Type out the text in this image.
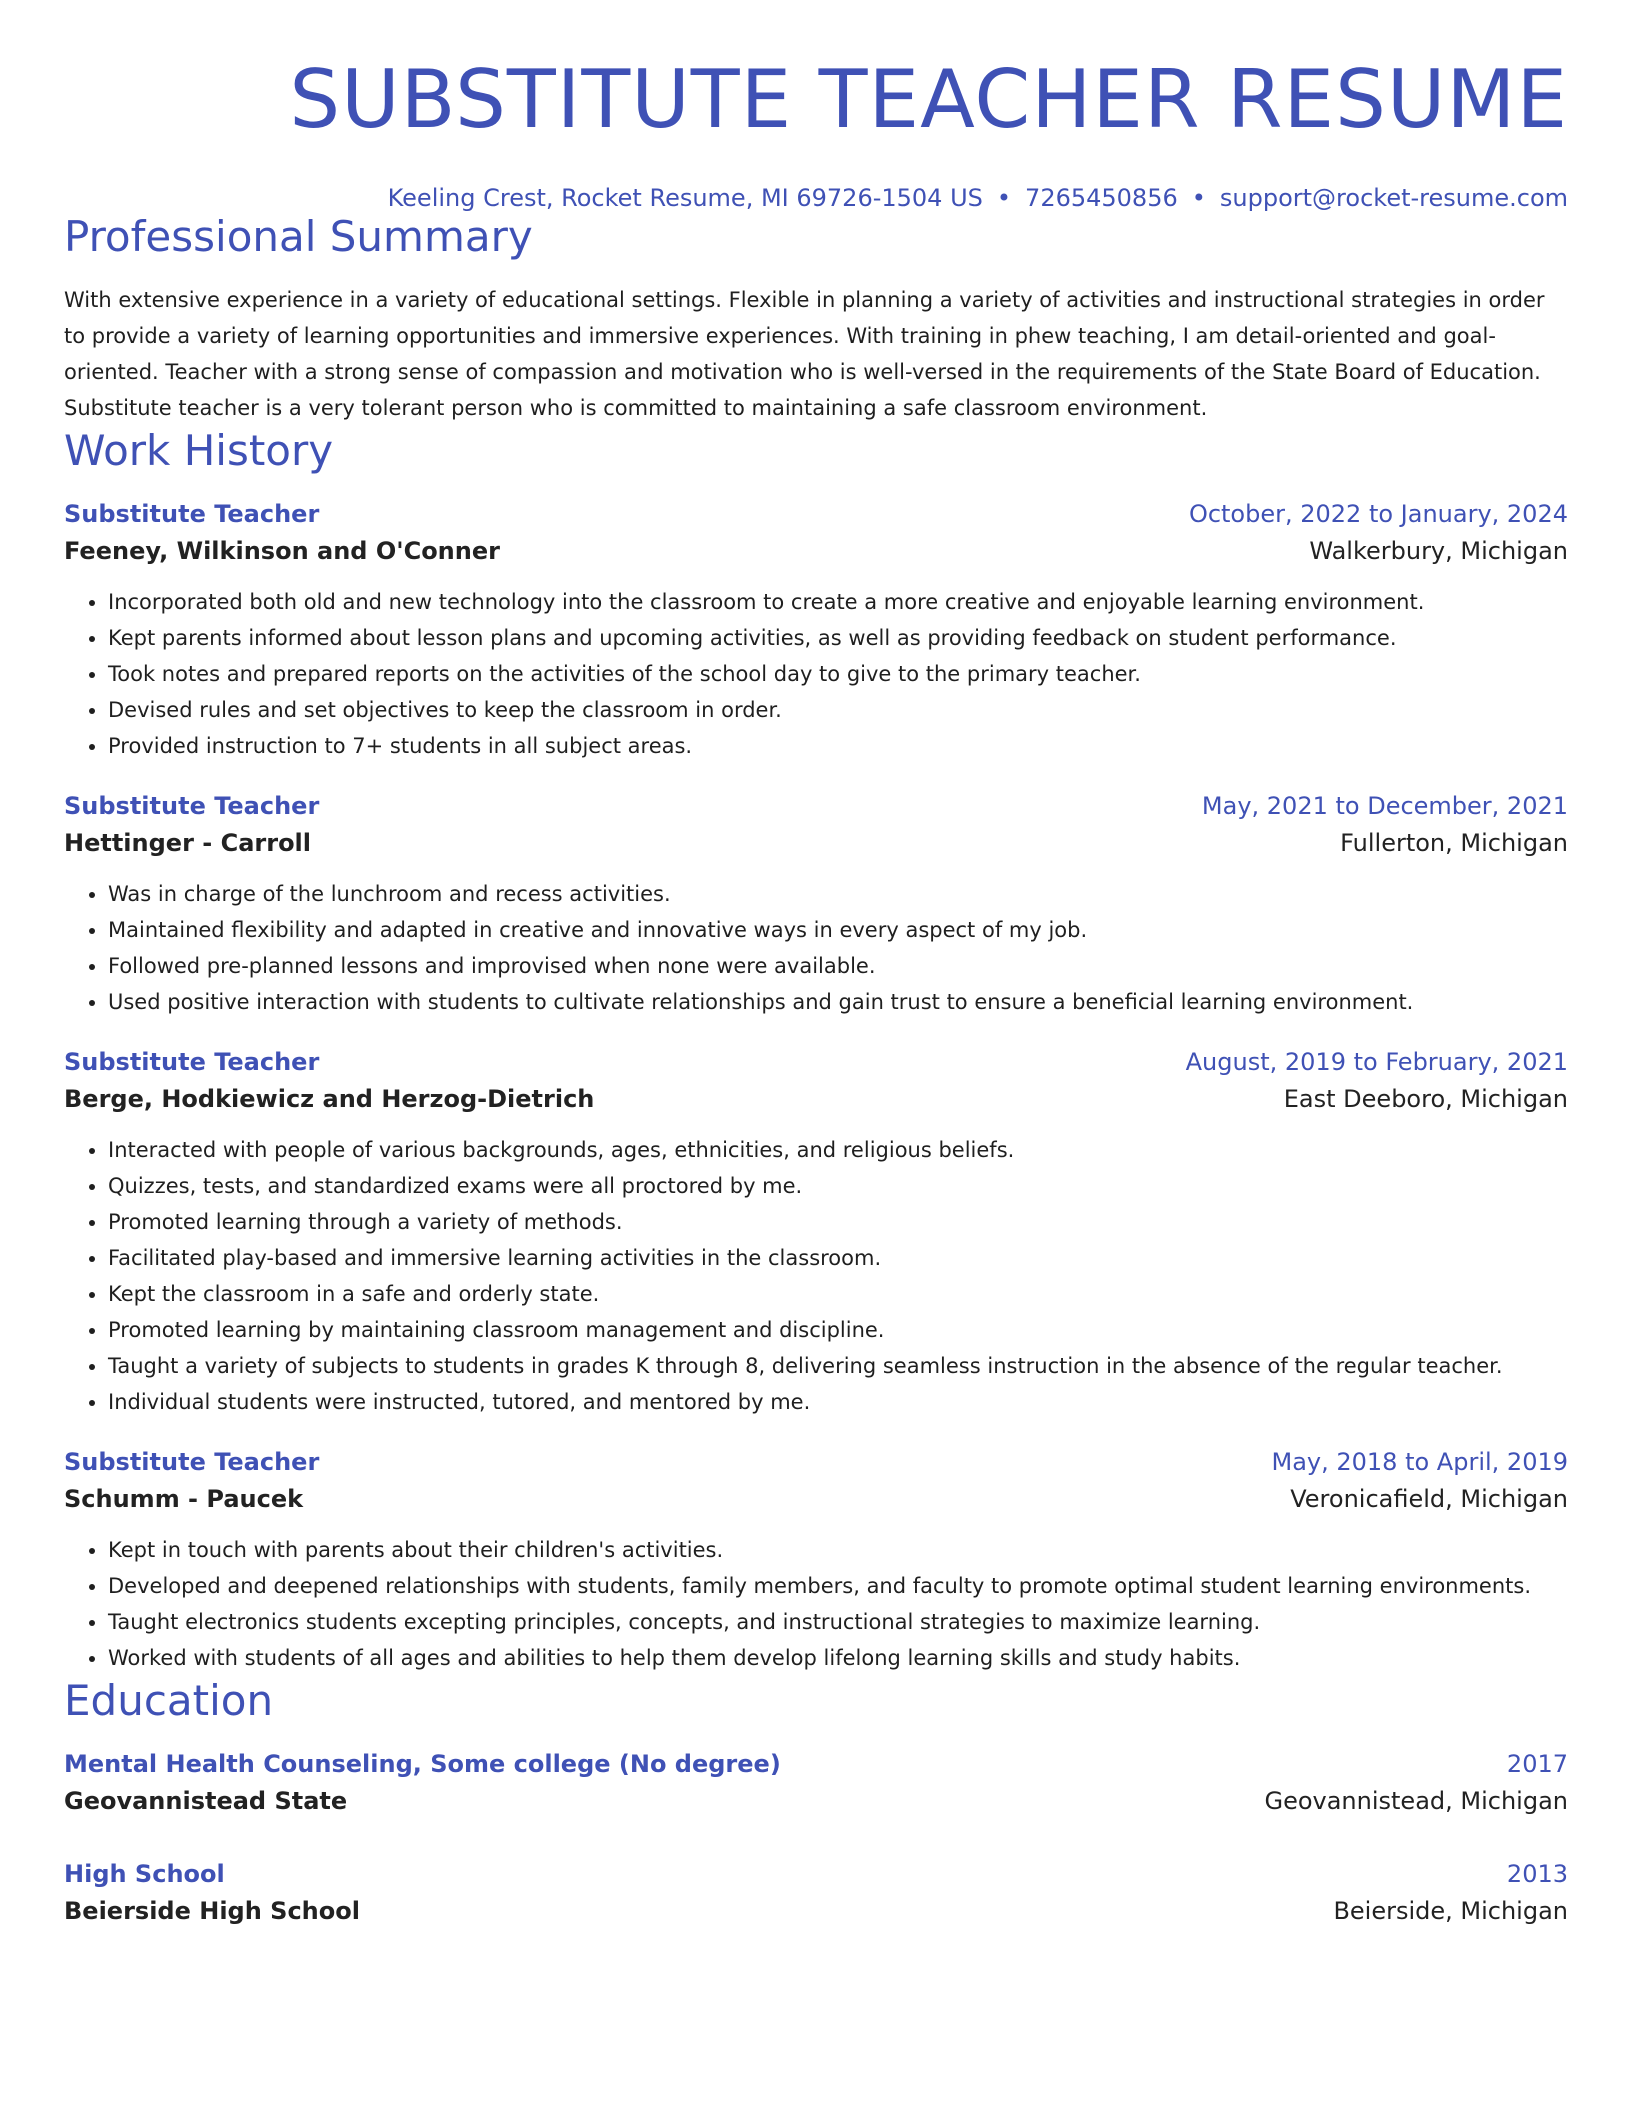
SUBSTITUTE TEACHER RESUME
Keeling Crest, Rocket Resume, MI 69726-1504 US • 7265450856 • support@rocket-resume.com
Professional Summary

With extensive experience in a variety of educational settings. Flexible in planning a variety of activities and instructional strategies in order to provide a variety of learning opportunities and immersive experiences. With training in phew teaching, I am detail-oriented and goal-oriented. Teacher with a strong sense of compassion and motivation who is well-versed in the requirements of the State Board of Education. Substitute teacher is a very tolerant person who is committed to maintaining a safe classroom environment.

Work History
Substitute Teacher	October, 2022 to January, 2024
Feeney, Wilkinson and O'Conner	Walkerbury, Michigan
• Incorporated both old and new technology into the classroom to create a more creative and enjoyable learning environment.
• Kept parents informed about lesson plans and upcoming activities, as well as providing feedback on student performance.
• Took notes and prepared reports on the activities of the school day to give to the primary teacher.
• Devised rules and set objectives to keep the classroom in order.
• Provided instruction to 7+ students in all subject areas.
Substitute Teacher	May, 2021 to December, 2021
Hettinger - Carroll	Fullerton, Michigan
• Was in charge of the lunchroom and recess activities.
• Maintained flexibility and adapted in creative and innovative ways in every aspect of my job.
• Followed pre-planned lessons and improvised when none were available.
• Used positive interaction with students to cultivate relationships and gain trust to ensure a beneficial learning environment.
Substitute Teacher	August, 2019 to February, 2021
Berge, Hodkiewicz and Herzog-Dietrich	East Deeboro, Michigan
• Interacted with people of various backgrounds, ages, ethnicities, and religious beliefs.
• Quizzes, tests, and standardized exams were all proctored by me.
• Promoted learning through a variety of methods.
• Facilitated play-based and immersive learning activities in the classroom.
• Kept the classroom in a safe and orderly state.
• Promoted learning by maintaining classroom management and discipline.
• Taught a variety of subjects to students in grades K through 8, delivering seamless instruction in the absence of the regular teacher.
• Individual students were instructed, tutored, and mentored by me.
Substitute Teacher	May, 2018 to April, 2019
Schumm - Paucek	Veronicafield, Michigan
• Kept in touch with parents about their children's activities.
• Developed and deepened relationships with students, family members, and faculty to promote optimal student learning environments.
• Taught electronics students excepting principles, concepts, and instructional strategies to maximize learning.
• Worked with students of all ages and abilities to help them develop lifelong learning skills and study habits.
Education
Mental Health Counseling, Some college (No degree)	2017
Geovannistead State	Geovannistead, Michigan
High School	2013
Beierside High School	Beierside, Michigan
